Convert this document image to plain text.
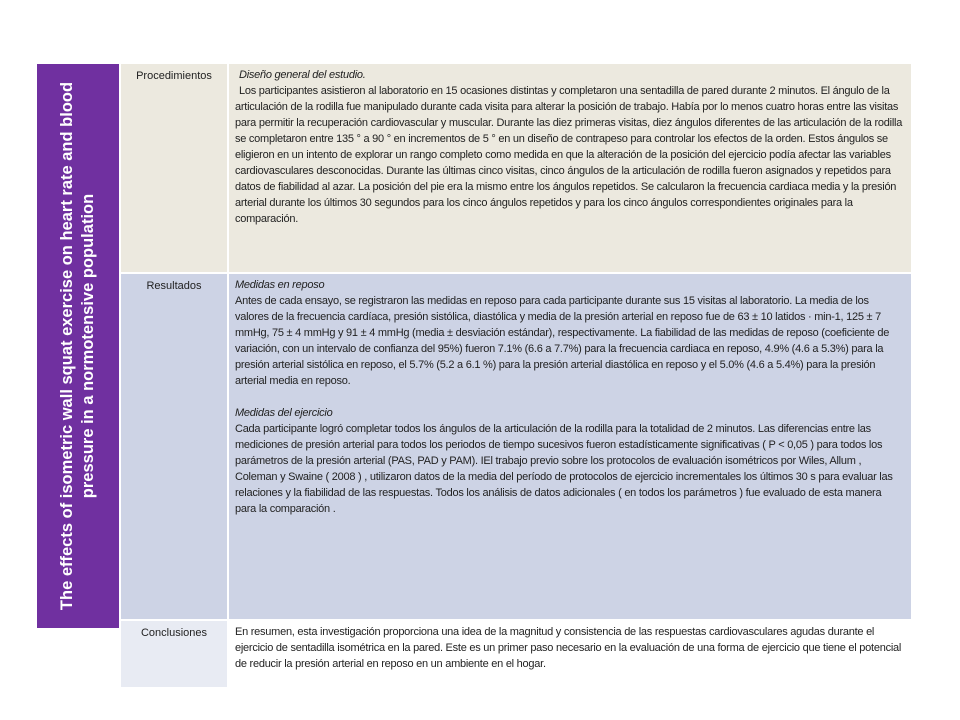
The effects of isometric wall squat exercise on heart rate and blood pressure in a normotensive population
Procedimientos	Diseño general del estudio.

Los participantes asistieron al laboratorio en 15 ocasiones distintas y completaron una sentadilla de pared durante 2 minutos. El ángulo de la articulación de la rodilla fue manipulado durante cada visita para alterar la posición de trabajo. Había por lo menos cuatro horas entre las visitas para permitir la recuperación cardiovascular y muscular. Durante las diez primeras visitas, diez ángulos diferentes de las articulación de la rodilla se completaron entre 135 ° a 90 ° en incrementos de 5 ° en un diseño de contrapeso para controlar los efectos de la orden. Estos ángulos se eligieron en un intento de explorar un rango completo como medida en que la alteración de la posición del ejercicio podía afectar las variables cardiovasculares desconocidas. Durante las últimas cinco visitas, cinco ángulos de la articulación de rodilla fueron asignados y repetidos para datos de fiabilidad al azar. La posición del pie era la mismo entre los ángulos repetidos. Se calcularon la frecuencia cardiaca media y la presión arterial durante los últimos 30 segundos para los cinco ángulos repetidos y para los cinco ángulos correspondientes originales para la comparación.

Resultados	Medidas en reposo

Antes de cada ensayo, se registraron las medidas en reposo para cada participante durante sus 15 visitas al laboratorio. La media de los valores de la frecuencia cardíaca, presión sistólica, diastólica y media de la presión arterial en reposo fue de 63 ± 10 latidos · min-1, 125 ± 7 mmHg, 75 ± 4 mmHg y 91 ± 4 mmHg (media ± desviación estándar), respectivamente. La fiabilidad de las medidas de reposo (coeficiente de variación, con un intervalo de confianza del 95%) fueron 7.1% (6.6 a 7.7%) para la frecuencia cardiaca en reposo, 4.9% (4.6 a 5.3%) para la presión arterial sistólica en reposo, el 5.7% (5.2 a 6.1 %) para la presión arterial diastólica en reposo y el 5.0% (4.6 a 5.4%) para la presión arterial media en reposo.

Medidas del ejercicio

Cada participante logró completar todos los ángulos de la articulación de la rodilla para la totalidad de 2 minutos. Las diferencias entre las mediciones de presión arterial para todos los periodos de tiempo sucesivos fueron estadísticamente significativas ( P < 0,05 ) para todos los parámetros de la presión arterial (PAS, PAD y PAM). IEl trabajo previo sobre los protocolos de evaluación isométricos por Wiles, Allum , Coleman y Swaine ( 2008 ) , utilizaron datos de la media del período de protocolos de ejercicio incrementales los últimos 30 s para evaluar las relaciones y la fiabilidad de las respuestas. Todos los análisis de datos adicionales ( en todos los parámetros ) fue evaluado de esta manera para la comparación .

Conclusiones	En resumen, esta investigación proporciona una idea de la magnitud y consistencia de las respuestas cardiovasculares agudas durante el ejercicio de sentadilla isométrica en la pared. Este es un primer paso necesario en la evaluación de una forma de ejercicio que tiene el potencial de reducir la presión arterial en reposo en un ambiente en el hogar.
